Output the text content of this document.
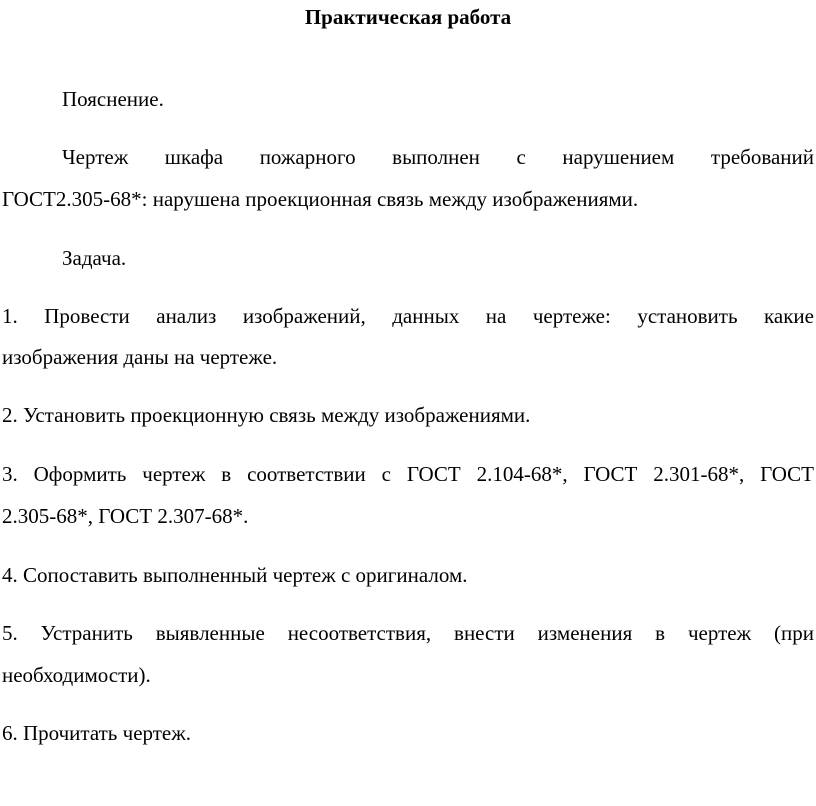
Практическая работа
Пояснение.
Чертеж шкафа пожарного выполнен с нарушением требований
ГОСТ2.305-68*: нарушена проекционная связь между изображениями.
Задача.
1. Провести анализ изображений, данных на чертеже: установить какие
изображения даны на чертеже.
2. Установить проекционную связь между изображениями.
3. Оформить чертеж в соответствии с ГОСТ 2.104-68*, ГОСТ 2.301-68*, ГОСТ
2.305-68*, ГОСТ 2.307-68*.
4. Сопоставить выполненный чертеж с оригиналом.
5. Устранить выявленные несоответствия, внести изменения в чертеж (при
необходимости).
6. Прочитать чертеж.
